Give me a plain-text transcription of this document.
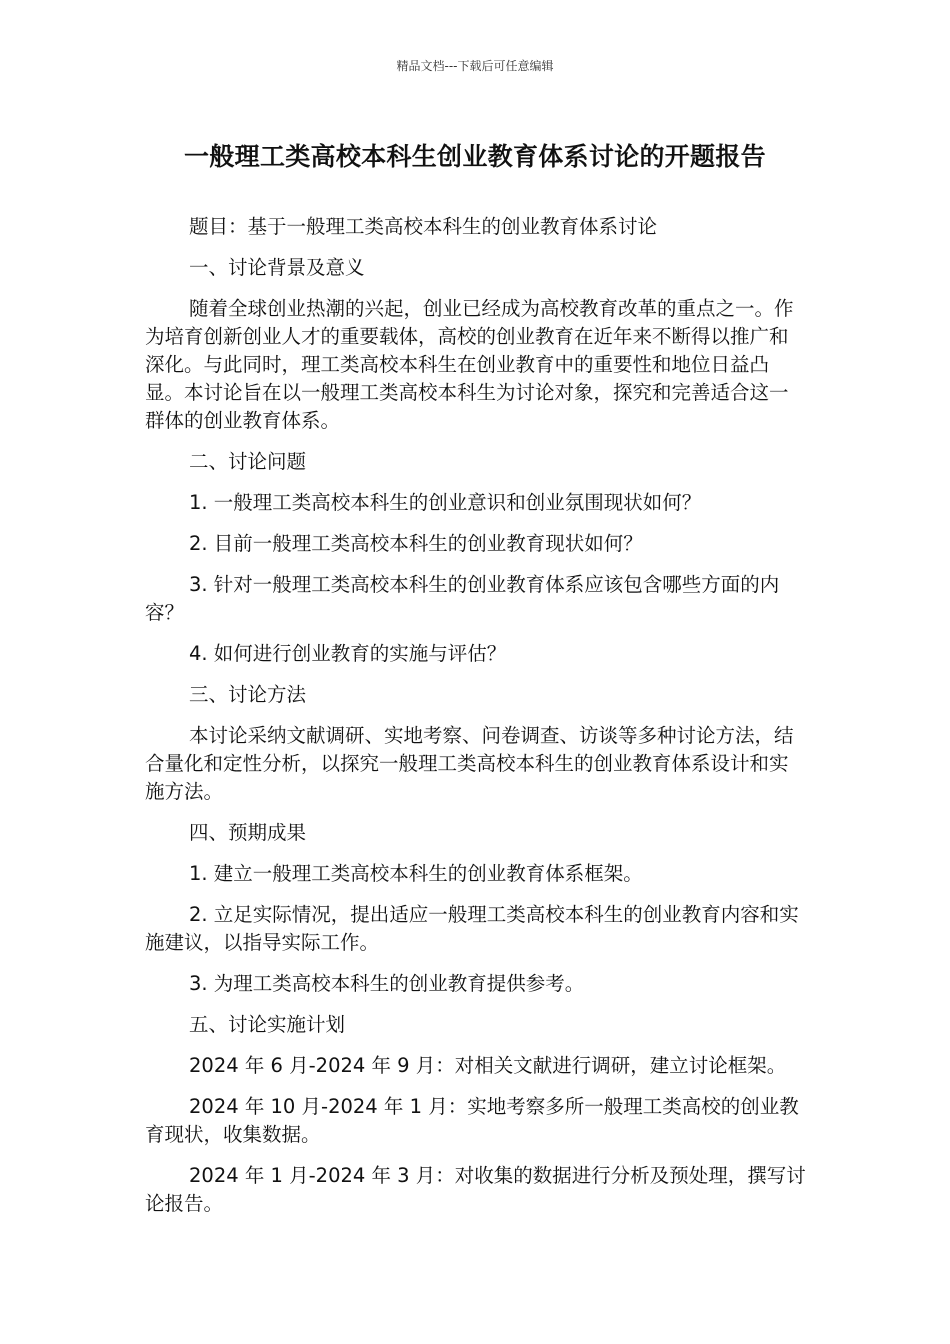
精品文档---下载后可任意编辑
一般理工类高校本科生创业教育体系讨论的开题报告

题目：基于一般理工类高校本科生的创业教育体系讨论

一、讨论背景及意义

随着全球创业热潮的兴起，创业已经成为高校教育改革的重点之一。作为培育创新创业人才的重要载体，高校的创业教育在近年来不断得以推广和深化。与此同时，理工类高校本科生在创业教育中的重要性和地位日益凸显。本讨论旨在以一般理工类高校本科生为讨论对象，探究和完善适合这一群体的创业教育体系。

二、讨论问题

1. 一般理工类高校本科生的创业意识和创业氛围现状如何？

2. 目前一般理工类高校本科生的创业教育现状如何？

3. 针对一般理工类高校本科生的创业教育体系应该包含哪些方面的内容？

4. 如何进行创业教育的实施与评估？

三、讨论方法

本讨论采纳文献调研、实地考察、问卷调查、访谈等多种讨论方法，结合量化和定性分析，以探究一般理工类高校本科生的创业教育体系设计和实施方法。

四、预期成果

1. 建立一般理工类高校本科生的创业教育体系框架。

2. 立足实际情况，提出适应一般理工类高校本科生的创业教育内容和实施建议，以指导实际工作。

3. 为理工类高校本科生的创业教育提供参考。

五、讨论实施计划

2024 年 6 月-2024 年 9 月：对相关文献进行调研，建立讨论框架。

2024 年 10 月-2024 年 1 月：实地考察多所一般理工类高校的创业教育现状，收集数据。

2024 年 1 月-2024 年 3 月：对收集的数据进行分析及预处理，撰写讨论报告。
